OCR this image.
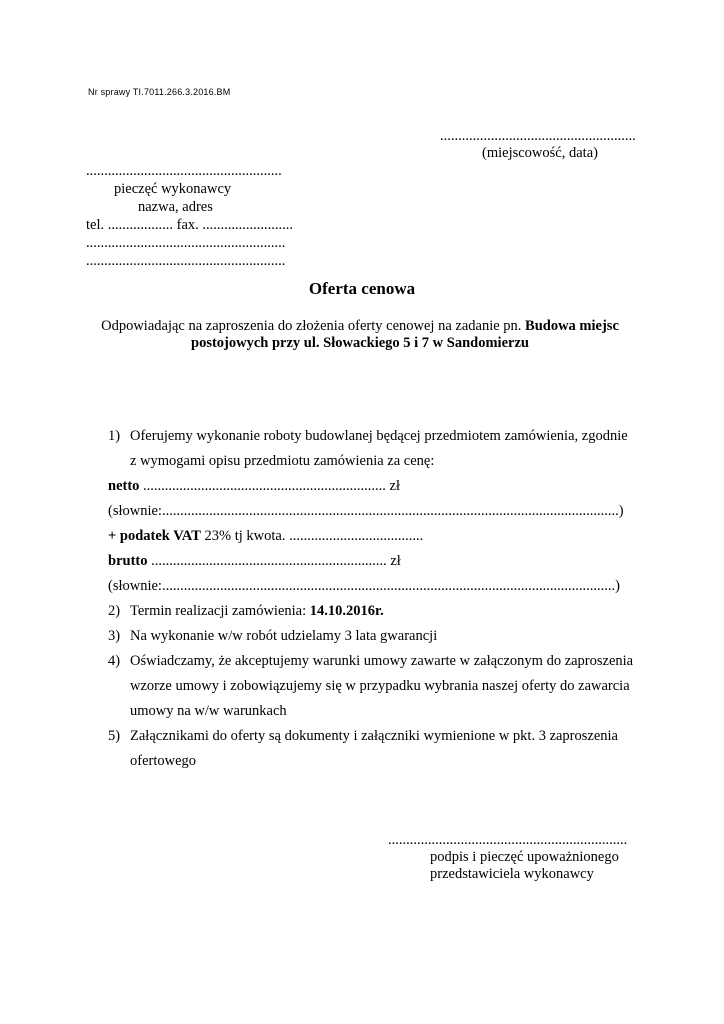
Nr sprawy TI.7011.266.3.2016.BM
......................................................
(miejscowość, data)
......................................................
pieczęć wykonawcy
nazwa, adres
tel. .................. fax. .........................
.......................................................
.......................................................
Oferta cenowa
Odpowiadając na zaproszenia do złożenia oferty cenowej na zadanie pn. Budowa miejsc postojowych przy ul. Słowackiego 5 i 7 w Sandomierzu
1) Oferujemy wykonanie roboty budowlanej będącej przedmiotem zamówienia, zgodnie
z wymogami opisu przedmiotu zamówienia za cenę:
netto ................................................................... zł
(słownie:..............................................................................................................................)
+ podatek VAT 23% tj kwota. .....................................
brutto ................................................................. zł
(słownie:.............................................................................................................................)
2) Termin realizacji zamówienia: 14.10.2016r.
3) Na wykonanie w/w robót udzielamy 3 lata gwarancji
4) Oświadczamy, że akceptujemy warunki umowy zawarte w załączonym do zaproszenia
wzorze umowy i zobowiązujemy się w przypadku wybrania naszej oferty do zawarcia
umowy na w/w warunkach
5) Załącznikami do oferty są dokumenty i załączniki wymienione w pkt. 3 zaproszenia
ofertowego
..................................................................
podpis i pieczęć upoważnionego
przedstawiciela wykonawcy
